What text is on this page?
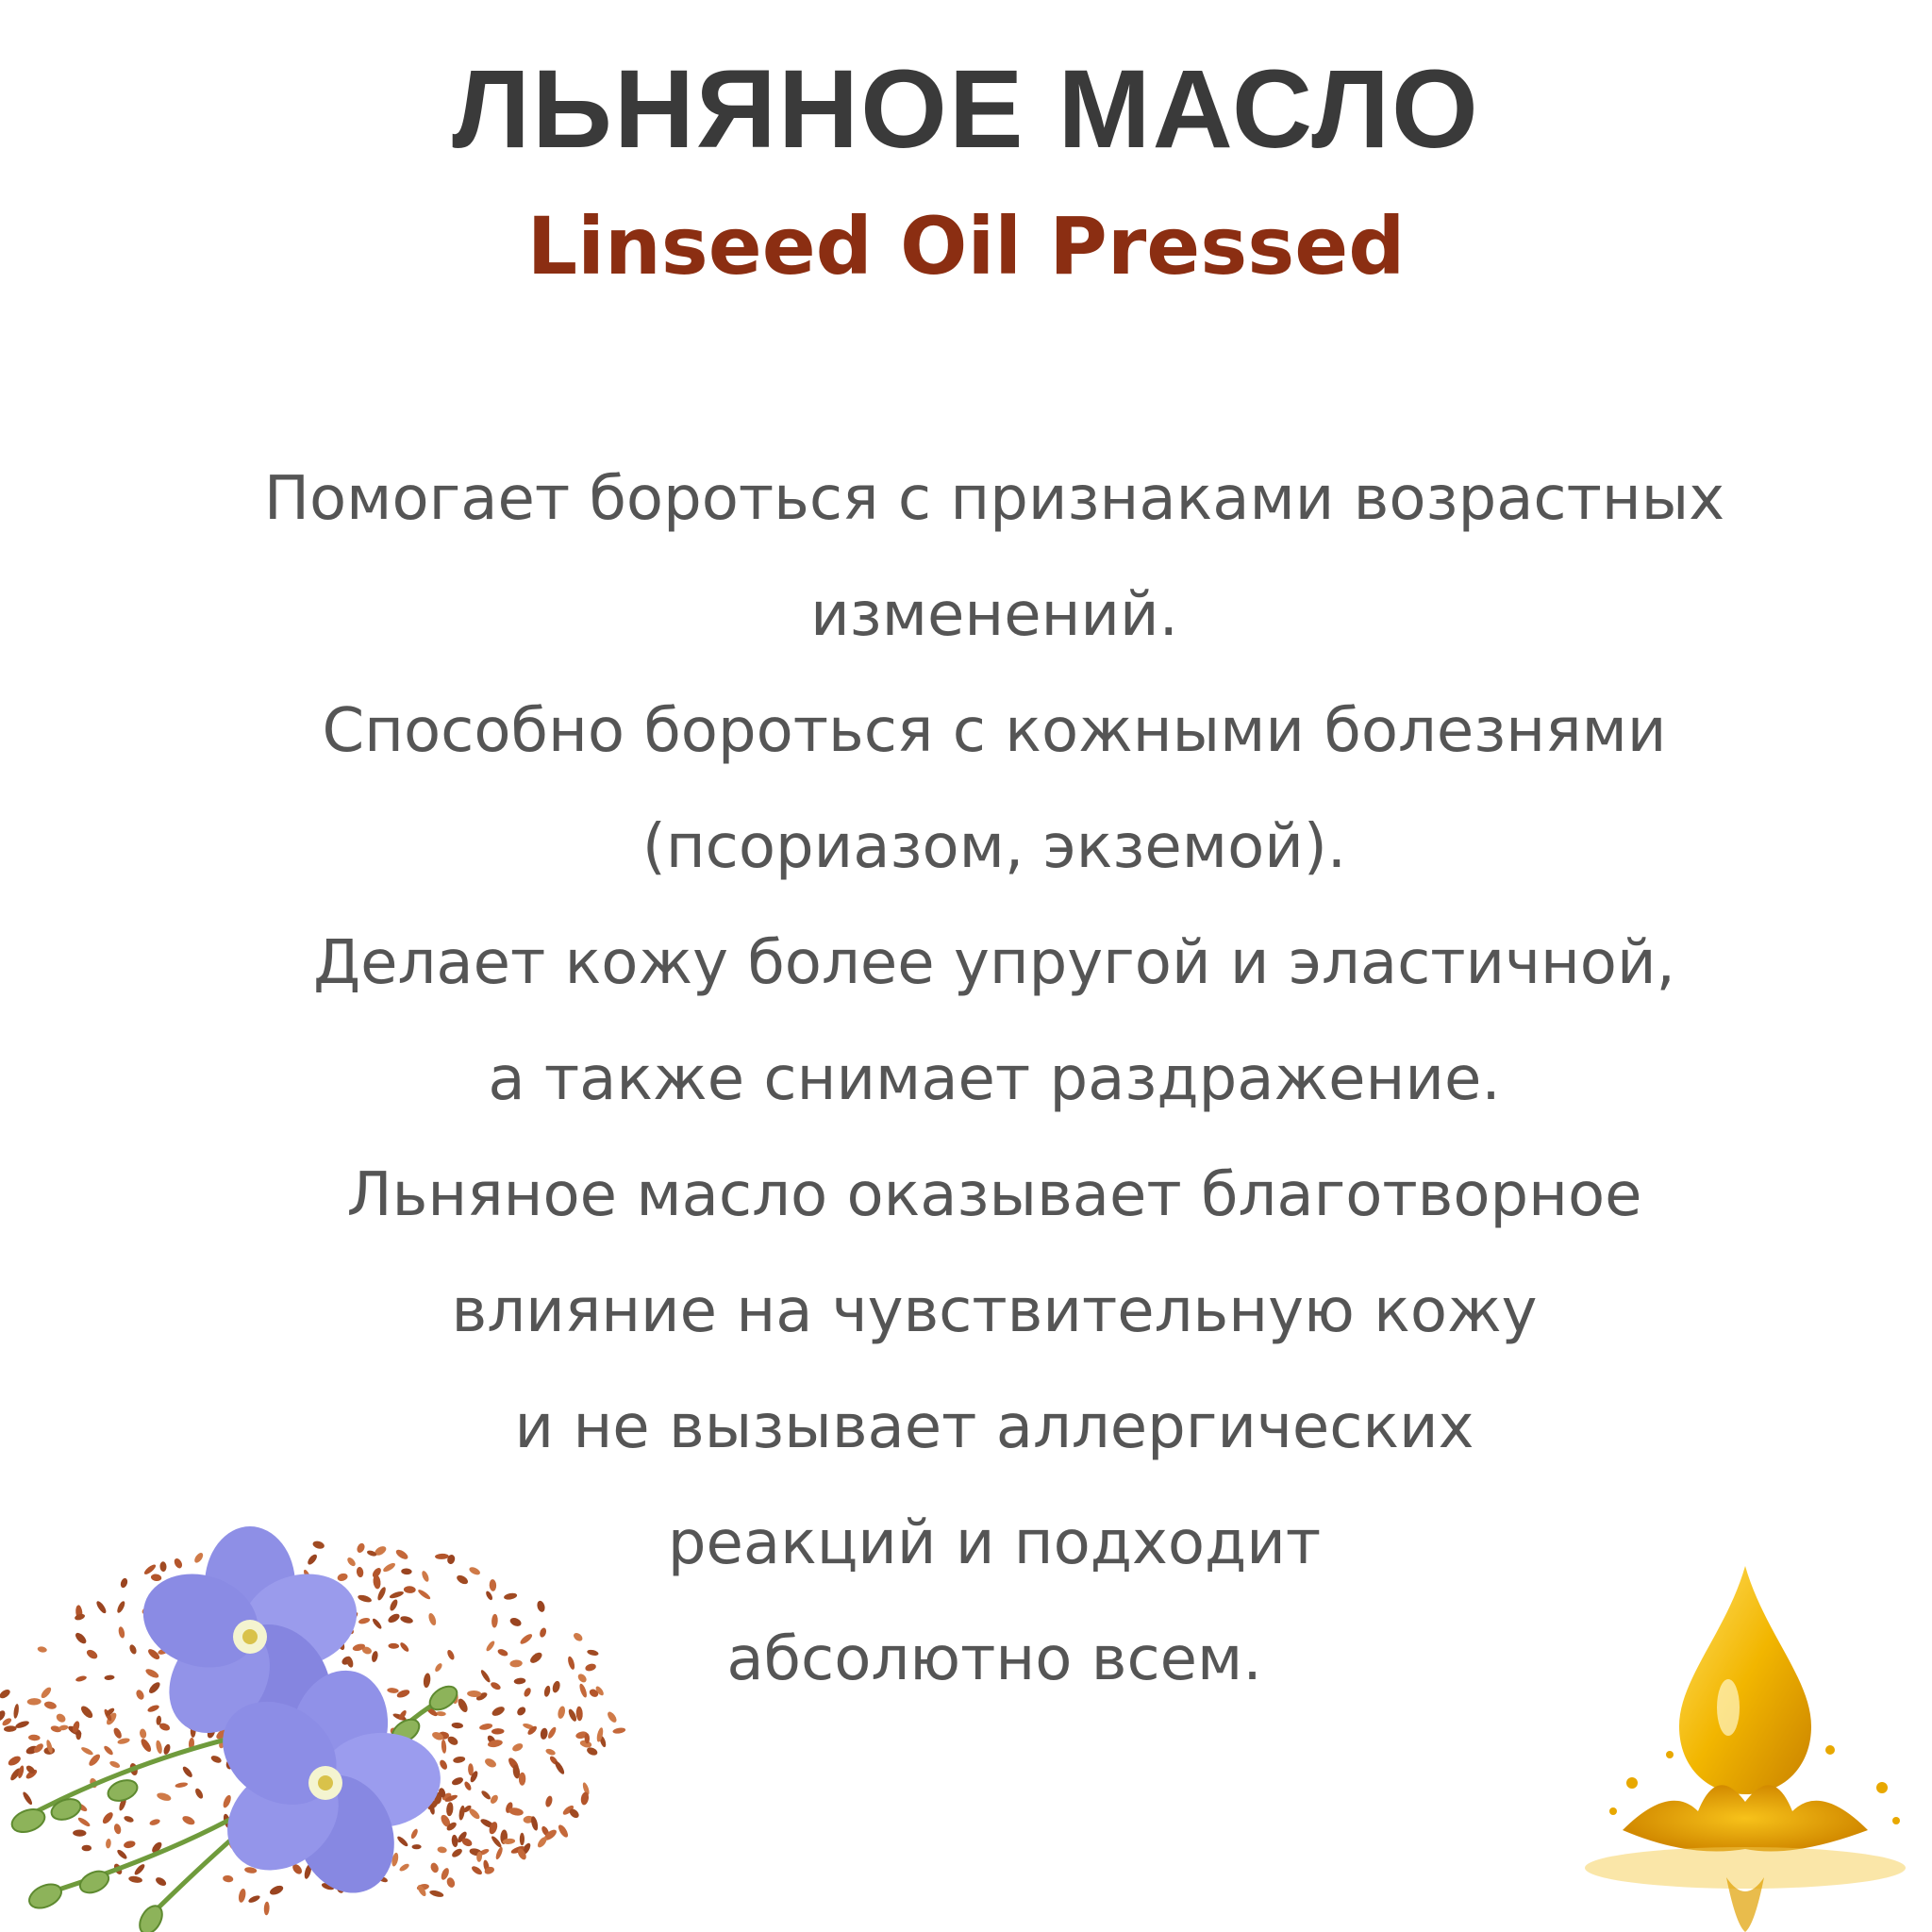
ЛЬНЯНОЕ МАСЛО
Linseed Oil Pressed
Помогает бороться с признаками возрастных
изменений.
Способно бороться с кожными болезнями
(псориазом, экземой).
Делает кожу более упругой и эластичной,
а также снимает раздражение.
Льняное масло оказывает благотворное
влияние на чувствительную кожу
и не вызывает аллергических
реакций и подходит
абсолютно всем.
